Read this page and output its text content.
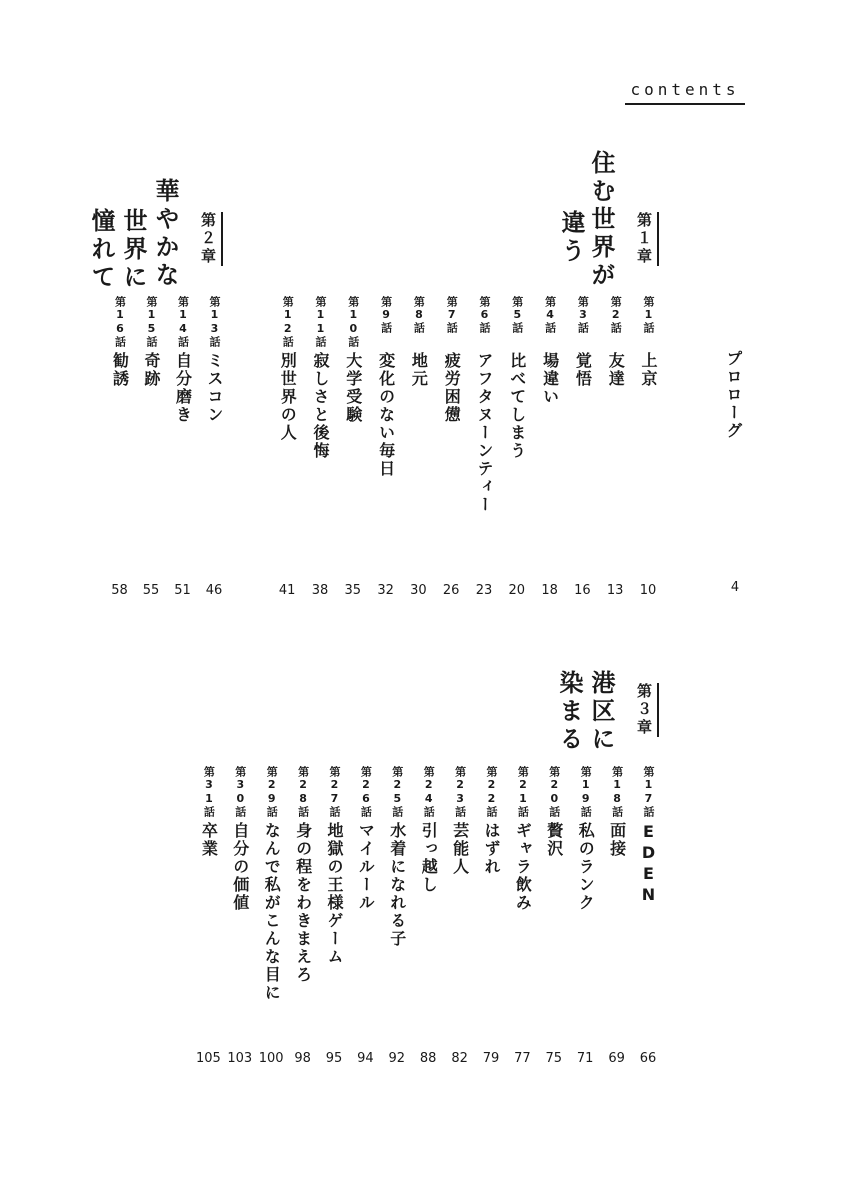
contents
プロローグ
4
第１章
住む世界が
違う
第２章
華やかな
世界に
憧れて
第３章
港区に
染まる
第1話
上京
10
第2話
友達
13
第3話
覚悟
16
第4話
場違い
18
第5話
比べてしまう
20
第6話
アフタヌーンティー
23
第7話
疲労困憊
26
第8話
地元
30
第9話
変化のない毎日
32
第10話
大学受験
35
第11話
寂しさと後悔
38
第12話
別世界の人
41
第13話
ミスコン
46
第14話
自分磨き
51
第15話
奇跡
55
第16話
勧誘
58
第17話
EDEN
66
第18話
面接
69
第19話
私のランク
71
第20話
贅沢
75
第21話
ギャラ飲み
77
第22話
はずれ
79
第23話
芸能人
82
第24話
引っ越し
88
第25話
水着になれる子
92
第26話
マイルール
94
第27話
地獄の王様ゲーム
95
第28話
身の程をわきまえろ
98
第29話
なんで私がこんな目に
100
第30話
自分の価値
103
第31話
卒業
105
